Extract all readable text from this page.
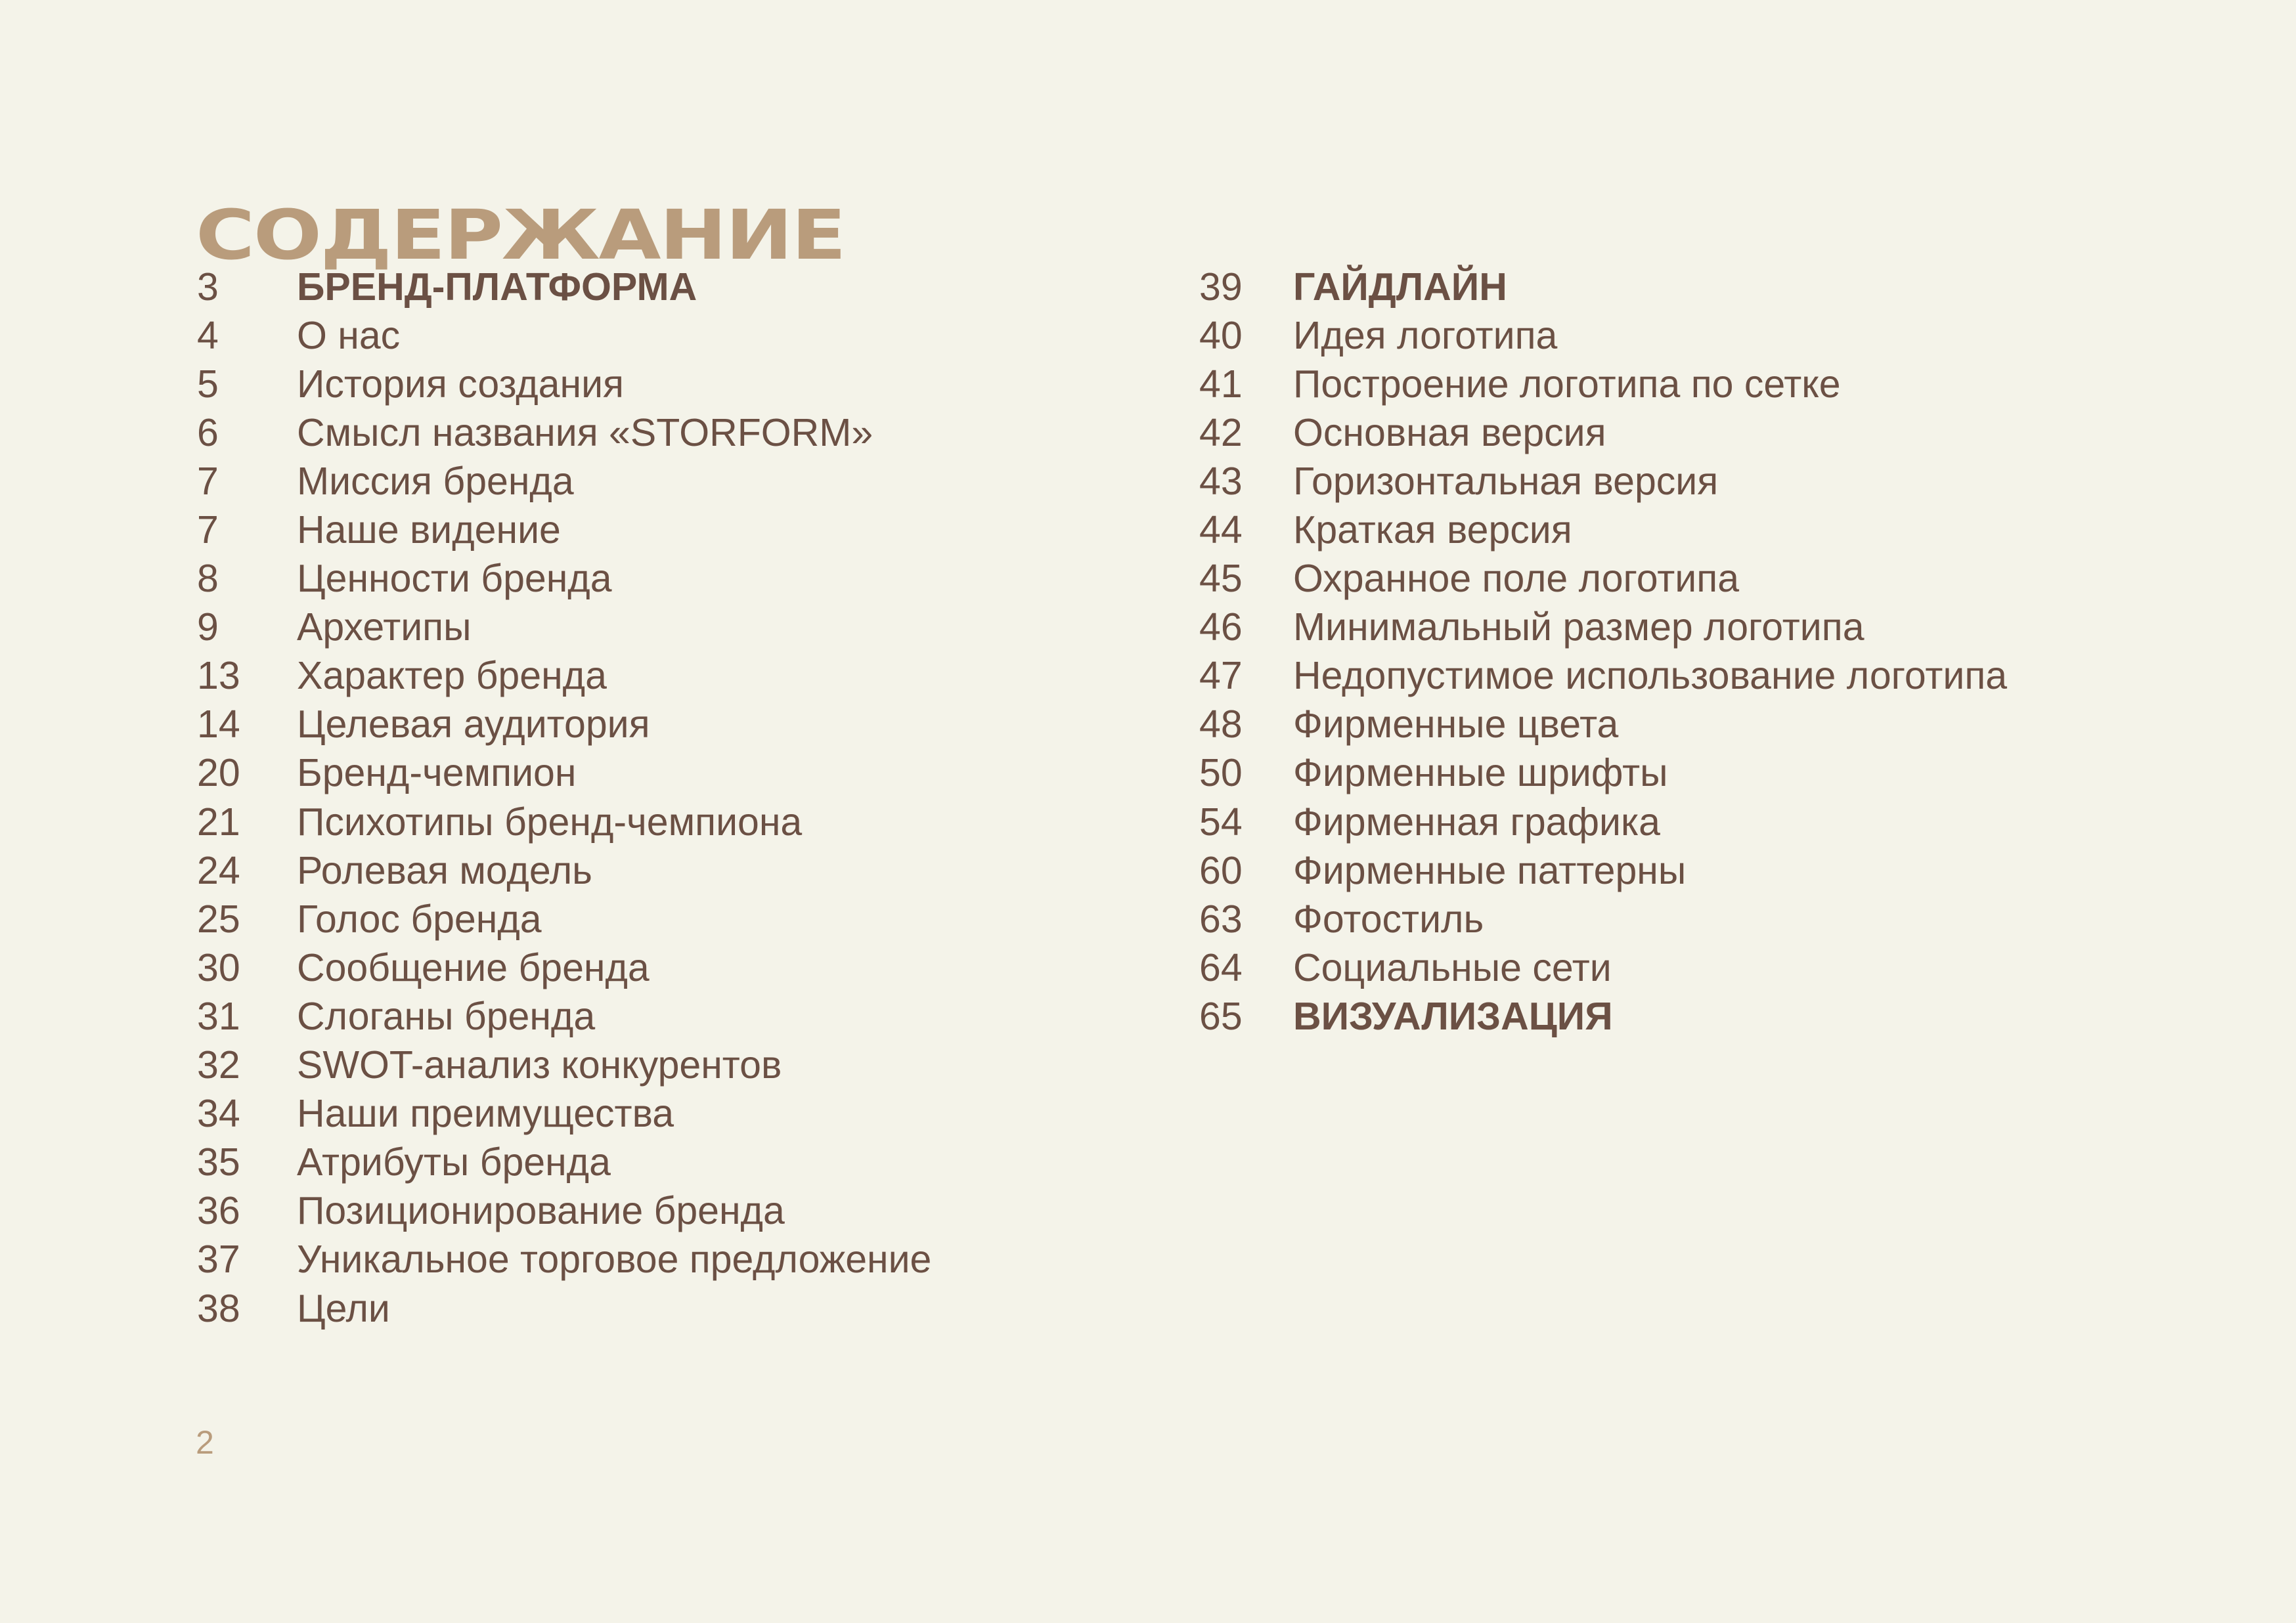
СОДЕРЖАНИЕ
3	БРЕНД-ПЛАТФОРМА
4	О нас
5	История создания
6	Смысл названия «STORFORM»
7	Миссия бренда
7	Наше видение
8	Ценности бренда
9	Архетипы
13	Характер бренда
14	Целевая аудитория
20	Бренд-чемпион
21	Психотипы бренд-чемпиона
24	Ролевая модель
25	Голос бренда
30	Сообщение бренда
31	Слоганы бренда
32	SWOT-анализ конкурентов
34	Наши преимущества
35	Атрибуты бренда
36	Позиционирование бренда
37	Уникальное торговое предложение
38	Цели
39	ГАЙДЛАЙН
40	Идея логотипа
41	Построение логотипа по сетке
42	Основная версия
43	Горизонтальная версия
44	Краткая версия
45	Охранное поле логотипа
46	Минимальный размер логотипа
47	Недопустимое использование логотипа
48	Фирменные цвета
50	Фирменные шрифты
54	Фирменная графика
60	Фирменные паттерны
63	Фотостиль
64	Социальные сети
65	ВИЗУАЛИЗАЦИЯ
2
